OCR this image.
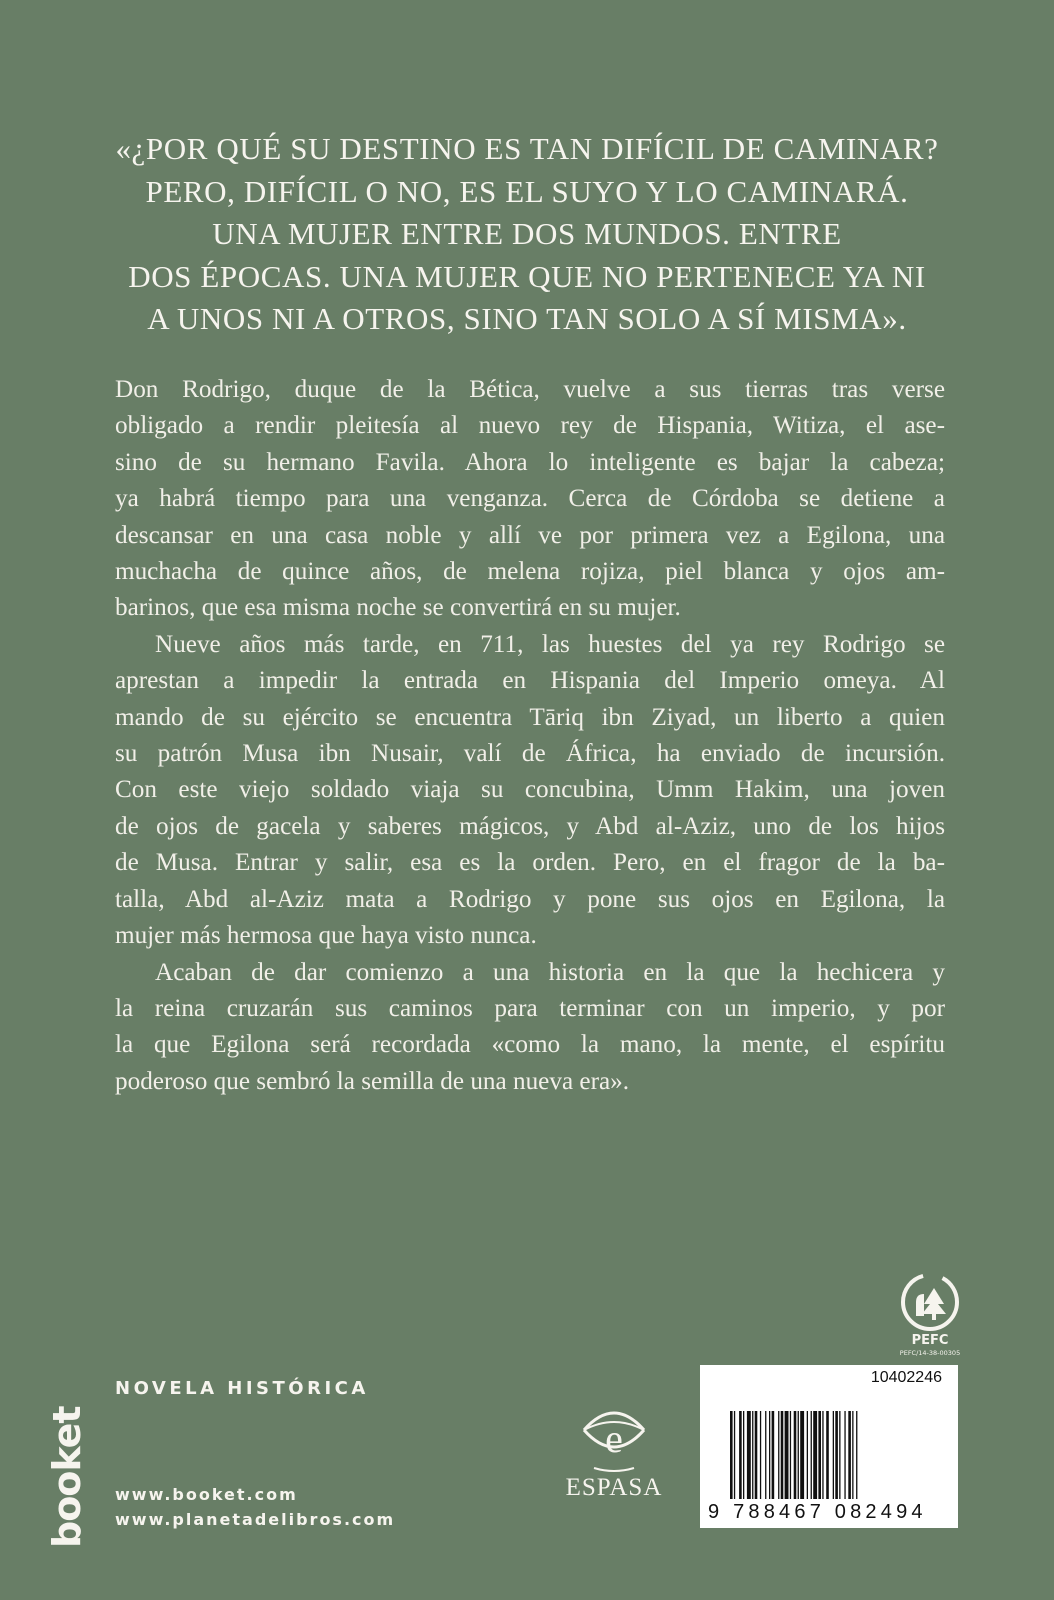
«¿POR QUÉ SU DESTINO ES TAN DIFÍCIL DE CAMINAR?
PERO, DIFÍCIL O NO, ES EL SUYO Y LO CAMINARÁ.
UNA MUJER ENTRE DOS MUNDOS. ENTRE
DOS ÉPOCAS. UNA MUJER QUE NO PERTENECE YA NI
A UNOS NI A OTROS, SINO TAN SOLO A SÍ MISMA».
Don Rodrigo, duque de la Bética, vuelve a sus tierras tras verse
obligado a rendir pleitesía al nuevo rey de Hispania, Witiza, el ase-
sino de su hermano Favila. Ahora lo inteligente es bajar la cabeza;
ya habrá tiempo para una venganza. Cerca de Córdoba se detiene a
descansar en una casa noble y allí ve por primera vez a Egilona, una
muchacha de quince años, de melena rojiza, piel blanca y ojos am-
barinos, que esa misma noche se convertirá en su mujer.
Nueve años más tarde, en 711, las huestes del ya rey Rodrigo se
aprestan a impedir la entrada en Hispania del Imperio omeya. Al
mando de su ejército se encuentra Tāriq ibn Ziyad, un liberto a quien
su patrón Musa ibn Nusair, valí de África, ha enviado de incursión.
Con este viejo soldado viaja su concubina, Umm Hakim, una joven
de ojos de gacela y saberes mágicos, y Abd al-Aziz, uno de los hijos
de Musa. Entrar y salir, esa es la orden. Pero, en el fragor de la ba-
talla, Abd al-Aziz mata a Rodrigo y pone sus ojos en Egilona, la
mujer más hermosa que haya visto nunca.
Acaban de dar comienzo a una historia en la que la hechicera y
la reina cruzarán sus caminos para terminar con un imperio, y por
la que Egilona será recordada «como la mano, la mente, el espíritu
poderoso que sembró la semilla de una nueva era».
PEFC
PEFC/14-38-00305
booket
NOVELA HISTÓRICA
www.booket.com
www.planetadelibros.com
e
ESPASA
10402246
9 788467 082494
